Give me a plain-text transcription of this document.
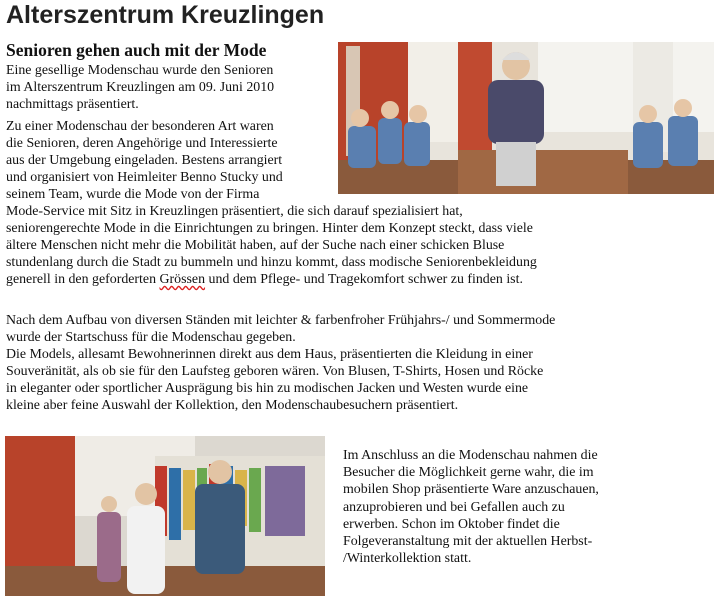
Alterszentrum Kreuzlingen
Senioren gehen auch mit der Mode

Eine gesellige Modenschau wurde den Senioren
im Alterszentrum Kreuzlingen am 09. Juni 2010
nachmittags präsentiert.

Zu einer Modenschau der besonderen Art waren
die Senioren, deren Angehörige und Interessierte
aus der Umgebung eingeladen. Bestens arrangiert
und organisiert von Heimleiter Benno Stucky und
seinem Team, wurde die Mode von der Firma
Mode-Service mit Sitz in Kreuzlingen präsentiert, die sich darauf spezialisiert hat,
seniorengerechte Mode in die Einrichtungen zu bringen. Hinter dem Konzept steckt, dass viele
ältere Menschen nicht mehr die Mobilität haben, auf der Suche nach einer schicken Bluse
stundenlang durch die Stadt zu bummeln und hinzu kommt, dass modische Seniorenbekleidung
generell in den geforderten Grössen und dem Pflege- und Tragekomfort schwer zu finden ist.

Nach dem Aufbau von diversen Ständen mit leichter & farbenfroher Frühjahrs-/ und Sommermode
wurde der Startschuss für die Modenschau gegeben.
Die Models, allesamt Bewohnerinnen direkt aus dem Haus, präsentierten die Kleidung in einer
Souveränität, als ob sie für den Laufsteg geboren wären. Von Blusen, T-Shirts, Hosen und Röcke
in eleganter oder sportlicher Ausprägung bis hin zu modischen Jacken und Westen wurde eine
kleine aber feine Auswahl der Kollektion, den Modenschaubesuchern präsentiert.

Im Anschluss an die Modenschau nahmen die
Besucher die Möglichkeit gerne wahr, die im
mobilen Shop präsentierte Ware anzuschauen,
anzuprobieren und bei Gefallen auch zu
erwerben. Schon im Oktober findet die
Folgeveranstaltung mit der aktuellen Herbst-
/Winterkollektion statt.
